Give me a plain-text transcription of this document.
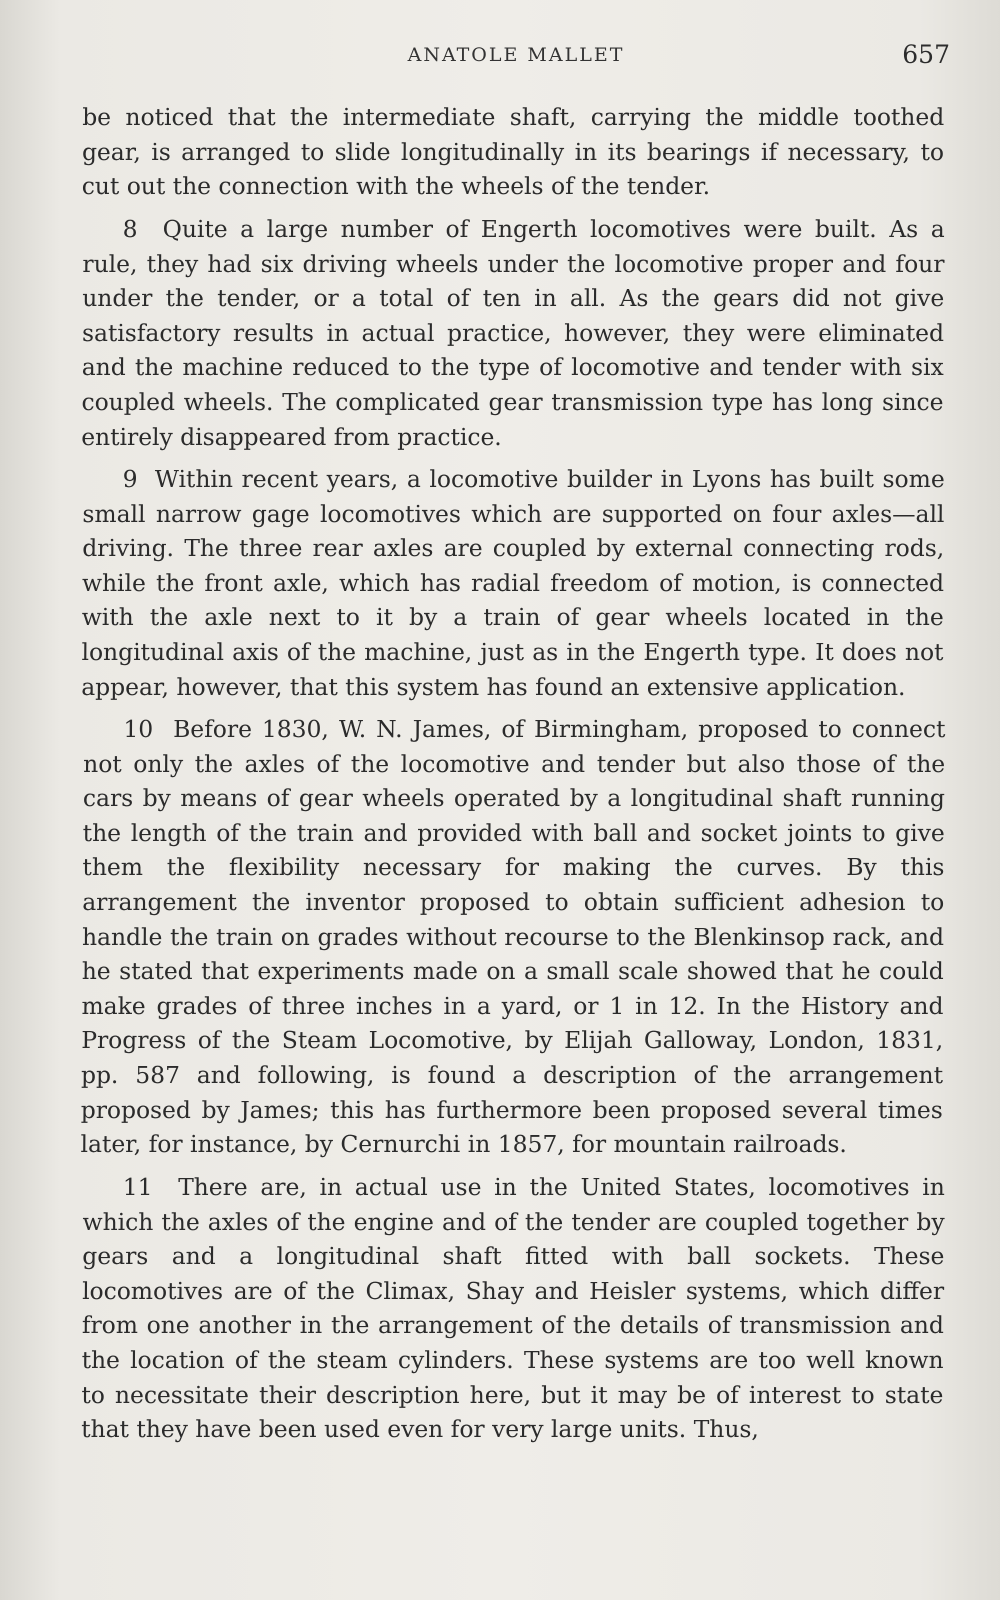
ANATOLE MALLET	657

be noticed that the intermediate shaft, carrying the middle toothed gear, is arranged to slide longitudinally in its bearings if necessary, to cut out the connection with the wheels of the tender.

8 Quite a large number of Engerth locomotives were built. As a rule, they had six driving wheels under the locomotive proper and four under the tender, or a total of ten in all. As the gears did not give satisfactory results in actual practice, however, they were eliminated and the machine reduced to the type of locomotive and tender with six coupled wheels. The complicated gear transmission type has long since entirely disappeared from practice.

9 Within recent years, a locomotive builder in Lyons has built some small narrow gage locomotives which are supported on four axles—all driving. The three rear axles are coupled by external connecting rods, while the front axle, which has radial freedom of motion, is connected with the axle next to it by a train of gear wheels located in the longitudinal axis of the machine, just as in the Engerth type. It does not appear, however, that this system has found an extensive application.

10 Before 1830, W. N. James, of Birmingham, proposed to connect not only the axles of the locomotive and tender but also those of the cars by means of gear wheels operated by a longitudinal shaft running the length of the train and provided with ball and socket joints to give them the flexibility necessary for making the curves. By this arrangement the inventor proposed to obtain sufficient adhesion to handle the train on grades without recourse to the Blenkinsop rack, and he stated that experiments made on a small scale showed that he could make grades of three inches in a yard, or 1 in 12. In the History and Progress of the Steam Locomotive, by Elijah Galloway, London, 1831, pp. 587 and following, is found a description of the arrangement proposed by James; this has furthermore been proposed several times later, for instance, by Cernurchi in 1857, for mountain railroads.

11 There are, in actual use in the United States, locomotives in which the axles of the engine and of the tender are coupled together by gears and a longitudinal shaft fitted with ball sockets. These locomotives are of the Climax, Shay and Heisler systems, which differ from one another in the arrangement of the details of transmission and the location of the steam cylinders. These systems are too well known to necessitate their description here, but it may be of interest to state that they have been used even for very large units. Thus,
